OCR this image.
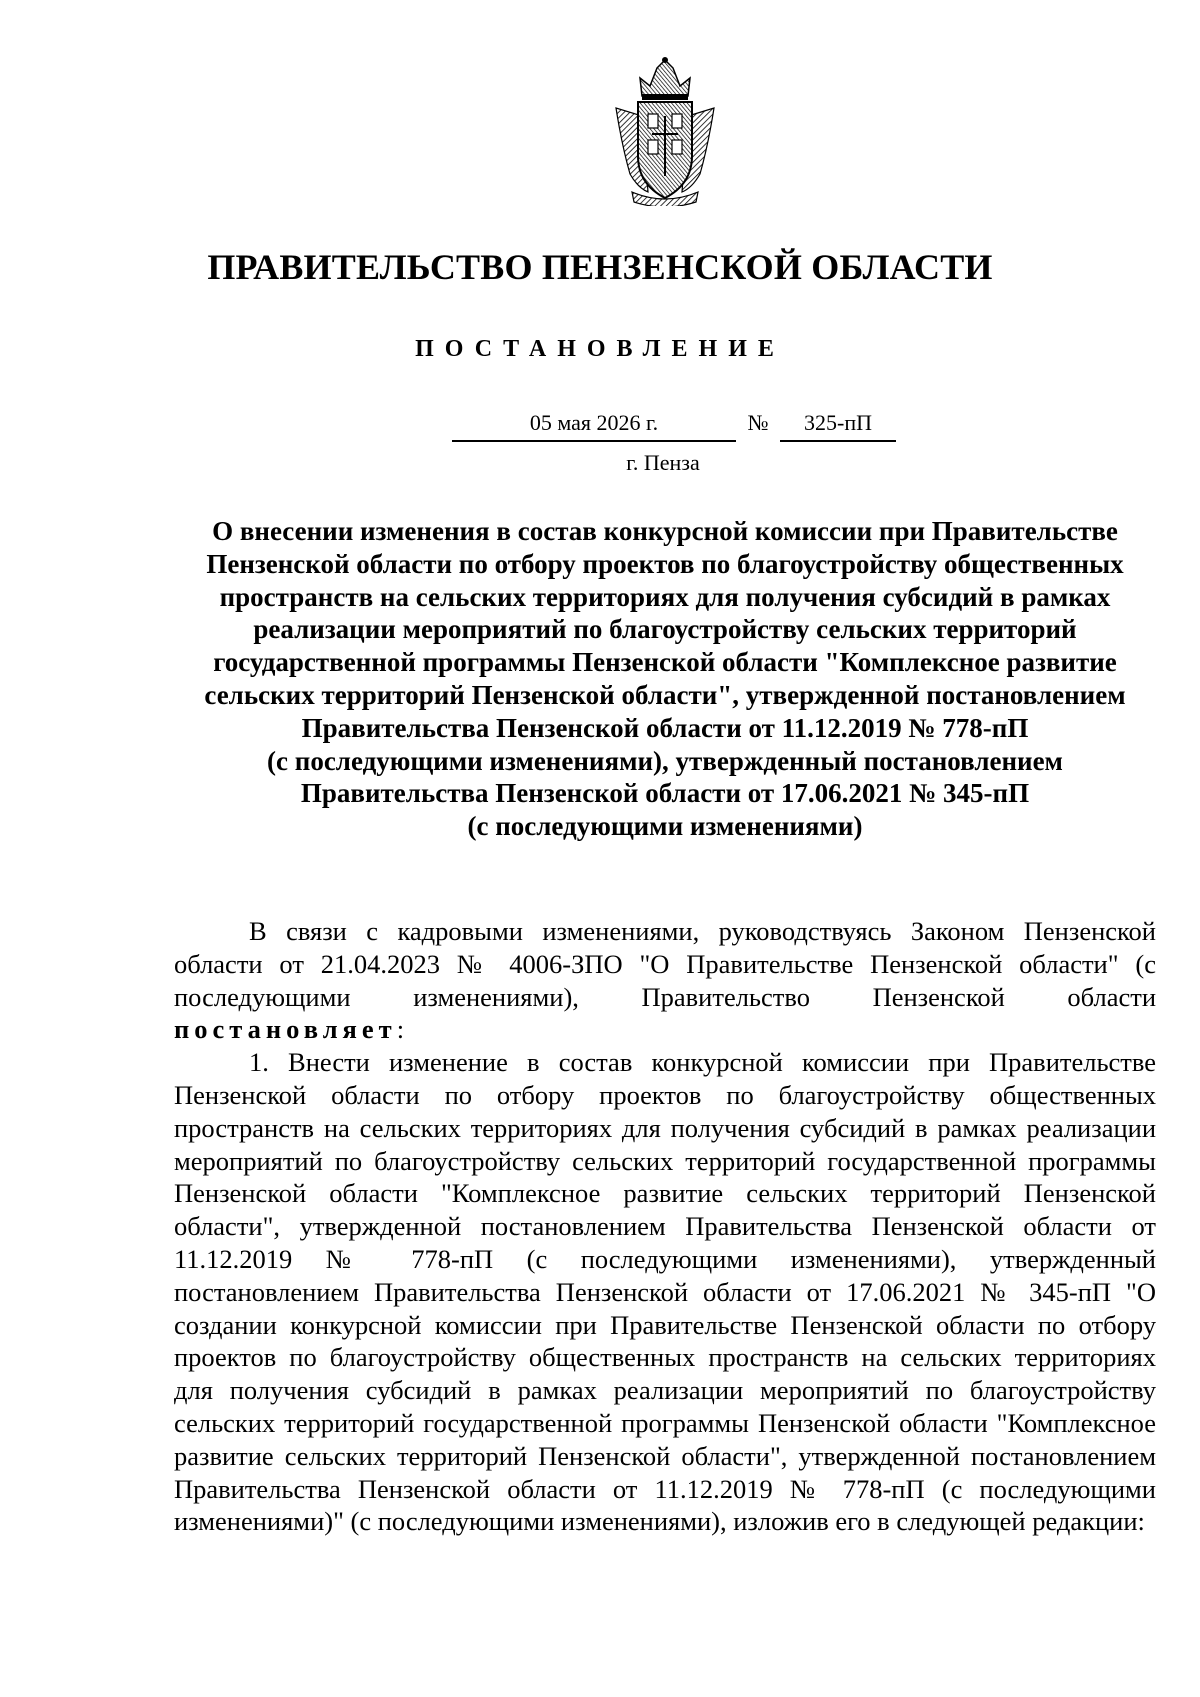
ПРАВИТЕЛЬСТВО ПЕНЗЕНСКОЙ ОБЛАСТИ
ПОСТАНОВЛЕНИЕ
05 мая 2026 г.	№	325-пП
г. Пенза

О внесении изменения в состав конкурсной комиссии при Правительстве

Пензенской области по отбору проектов по благоустройству общественных

пространств на сельских территориях для получения субсидий в рамках

реализации мероприятий по благоустройству сельских территорий

государственной программы Пензенской области "Комплексное развитие

сельских территорий Пензенской области", утвержденной постановлением

Правительства Пензенской области от 11.12.2019 № 778-пП

(с последующими изменениями), утвержденный постановлением

Правительства Пензенской области от 17.06.2021 № 345-пП

(с последующими изменениями)

В связи с кадровыми изменениями, руководствуясь Законом Пензенской области от 21.04.2023 № 4006-ЗПО "О Правительстве Пензенской области" (с последующими изменениями), Правительство Пензенской области постановляет:

1. Внести изменение в состав конкурсной комиссии при Правительстве Пензенской области по отбору проектов по благоустройству общественных пространств на сельских территориях для получения субсидий в рамках реализации мероприятий по благоустройству сельских территорий государственной программы Пензенской области "Комплексное развитие сельских территорий Пензенской области", утвержденной постановлением Правительства Пензенской области от 11.12.2019 № 778-пП (с последующими изменениями), утвержденный постановлением Правительства Пензенской области от 17.06.2021 № 345-пП "О создании конкурсной комиссии при Правительстве Пензенской области по отбору проектов по благоустройству общественных пространств на сельских территориях для получения субсидий в рамках реализации мероприятий по благоустройству сельских территорий государственной программы Пензенской области "Комплексное развитие сельских территорий Пензенской области", утвержденной постановлением Правительства Пензенской области от 11.12.2019 № 778-пП (с последующими изменениями)" (с последующими изменениями), изложив его в следующей редакции:
